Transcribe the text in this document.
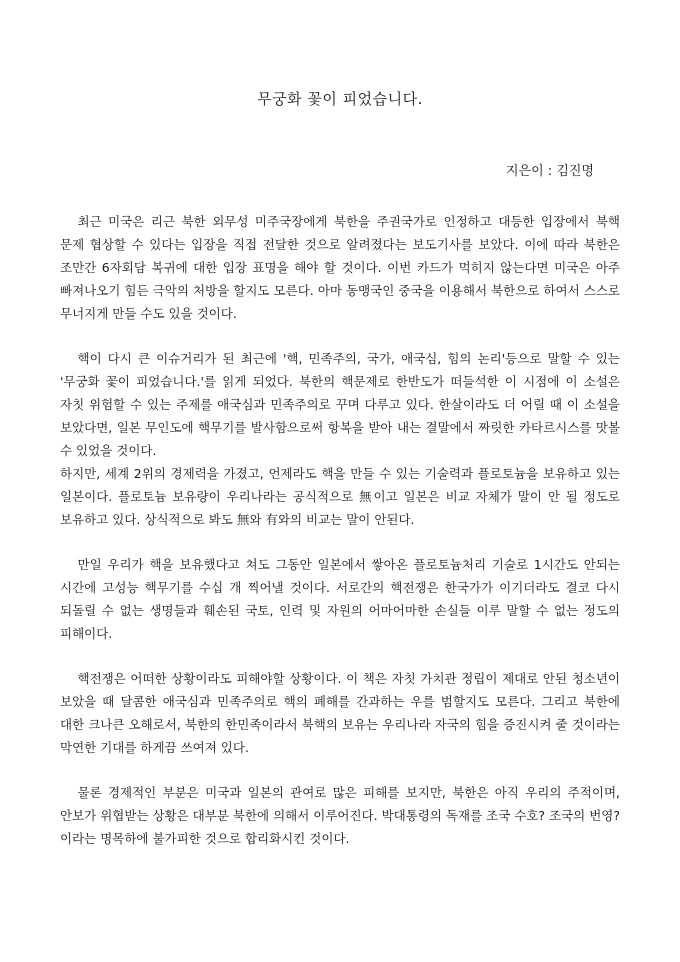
무궁화 꽃이 피었습니다.
지은이 : 김진명

최근 미국은 리근 북한 외무성 미주국장에게 북한을 주권국가로 인정하고 대등한 입장에서 북핵 문제 협상할 수 있다는 입장을 직접 전달한 것으로 알려졌다는 보도기사를 보았다. 이에 따라 북한은 조만간 6자회담 복귀에 대한 입장 표명을 해야 할 것이다. 이번 카드가 먹히지 않는다면 미국은 아주 빠져나오기 힘든 극악의 처방을 할지도 모른다. 아마 동맹국인 중국을 이용해서 북한으로 하여서 스스로 무너지게 만들 수도 있을 것이다.

핵이 다시 큰 이슈거리가 된 최근에 '핵, 민족주의, 국가, 애국심, 힘의 논리'등으로 말할 수 있는 '무궁화 꽃이 피었습니다.'를 읽게 되었다. 북한의 핵문제로 한반도가 떠들석한 이 시점에 이 소설은 자칫 위험할 수 있는 주제를 애국심과 민족주의로 꾸며 다루고 있다. 한살이라도 더 어릴 때 이 소설을 보았다면, 일본 무인도에 핵무기를 발사함으로써 항복을 받아 내는 결말에서 짜릿한 카타르시스를 맛볼 수 있었을 것이다.

하지만, 세계 2위의 경제력을 가졌고, 언제라도 핵을 만들 수 있는 기술력과 플로토늄을 보유하고 있는 일본이다. 플로토늄 보유량이 우리나라는 공식적으로 無이고 일본은 비교 자체가 말이 안 될 정도로 보유하고 있다. 상식적으로 봐도 無와 有와의 비교는 말이 안된다.

만일 우리가 핵을 보유했다고 쳐도 그동안 일본에서 쌓아온 플로토늄처리 기술로 1시간도 안되는 시간에 고성능 핵무기를 수십 개 찍어낼 것이다. 서로간의 핵전쟁은 한국가가 이기더라도 결코 다시 되돌릴 수 없는 생명들과 훼손된 국토, 인력 및 자원의 어마어마한 손실들 이루 말할 수 없는 정도의 피해이다.

핵전쟁은 어떠한 상황이라도 피해야할 상황이다. 이 책은 자칫 가치관 정립이 제대로 안된 청소년이 보았을 때 달콤한 애국심과 민족주의로 핵의 폐해를 간과하는 우를 범할지도 모른다. 그리고 북한에 대한 크나큰 오해로서, 북한의 한민족이라서 북핵의 보유는 우리나라 자국의 힘을 증진시켜 줄 것이라는 막연한 기대를 하게끔 쓰여져 있다.

물론 경제적인 부분은 미국과 일본의 관여로 많은 피해를 보지만, 북한은 아직 우리의 주적이며, 안보가 위협받는 상황은 대부분 북한에 의해서 이루어진다. 박대통령의 독재를 조국 수호? 조국의 번영? 이라는 명목하에 불가피한 것으로 합리화시킨 것이다.
